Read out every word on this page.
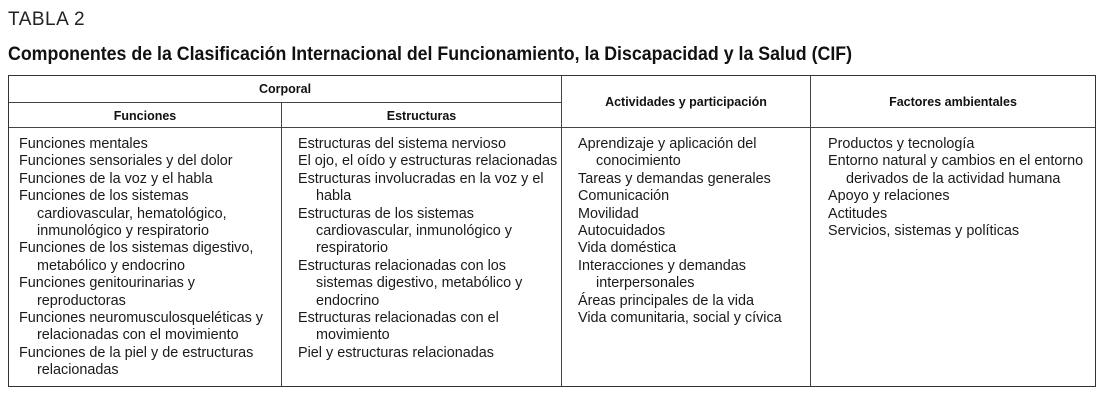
TABLA 2
Componentes de la Clasificación Internacional del Funcionamiento, la Discapacidad y la Salud (CIF)
Corporal
Funciones	Estructuras
Actividades y participación	Factores ambientales
Funciones mentales
Funciones sensoriales y del dolor
Funciones de la voz y el habla
Funciones de los sistemas cardiovascular, hematológico, inmunológico y respiratorio
Funciones de los sistemas digestivo, metabólico y endocrino
Funciones genitourinarias y reproductoras
Funciones neuromusculosqueléticas y relacionadas con el movimiento
Funciones de la piel y de estructuras relacionadas
Estructuras del sistema nervioso
El ojo, el oído y estructuras relacionadas
Estructuras involucradas en la voz y el habla
Estructuras de los sistemas cardiovascular, inmunológico y respiratorio
Estructuras relacionadas con los sistemas digestivo, metabólico y endocrino
Estructuras relacionadas con el movimiento
Piel y estructuras relacionadas
Aprendizaje y aplicación del conocimiento
Tareas y demandas generales
Comunicación
Movilidad
Autocuidados
Vida doméstica
Interacciones y demandas interpersonales
Áreas principales de la vida
Vida comunitaria, social y cívica
Productos y tecnología
Entorno natural y cambios en el entorno derivados de la actividad humana
Apoyo y relaciones
Actitudes
Servicios, sistemas y políticas
